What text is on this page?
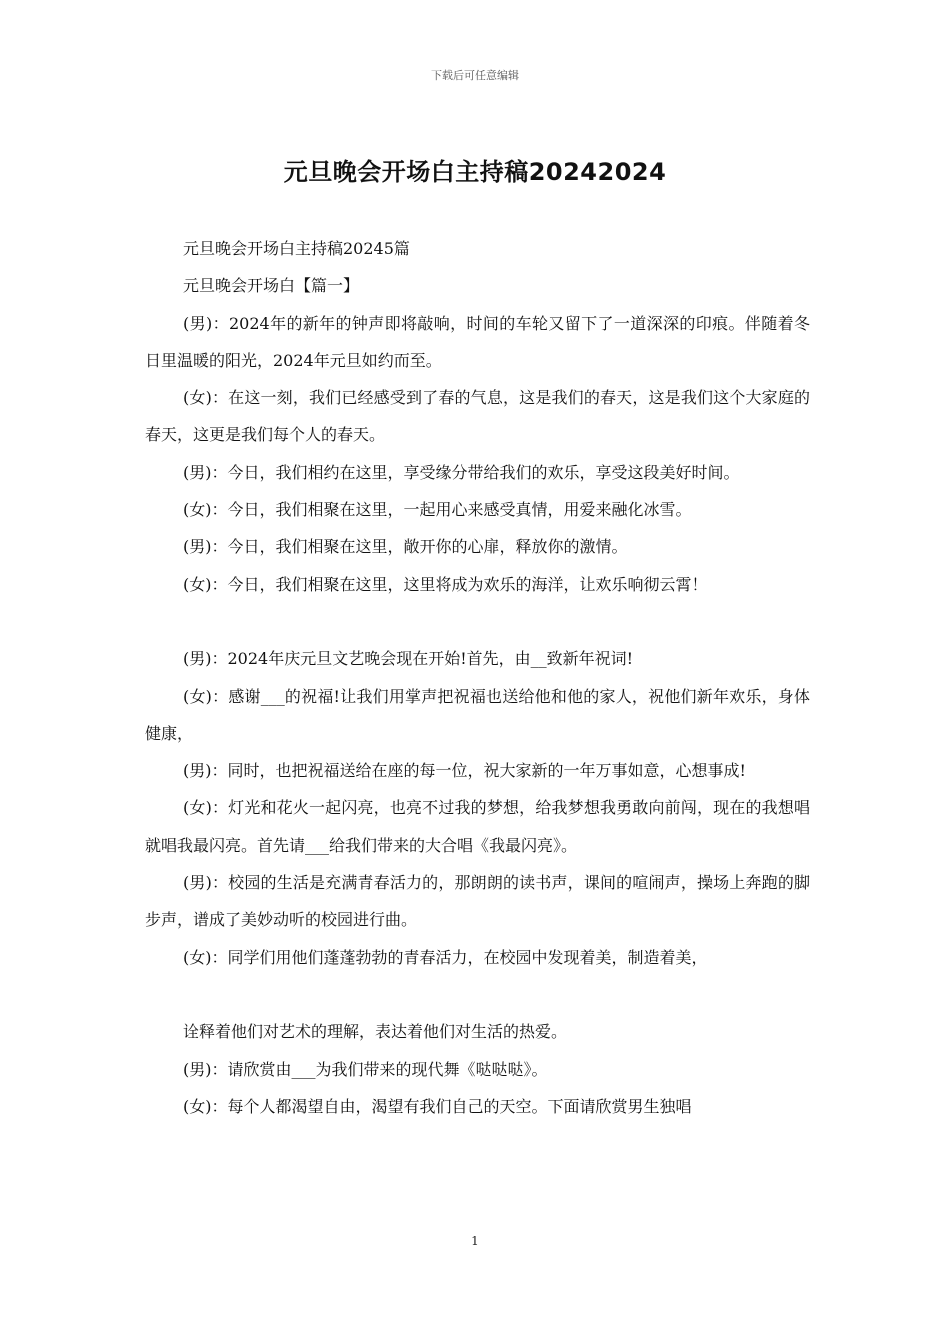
下载后可任意编辑
元旦晚会开场白主持稿20242024

元旦晚会开场白主持稿20245篇

元旦晚会开场白【篇一】

(男)：2024年的新年的钟声即将敲响，时间的车轮又留下了一道深深的印痕。伴随着冬日里温暖的阳光，2024年元旦如约而至。

(女)：在这一刻，我们已经感受到了春的气息，这是我们的春天，这是我们这个大家庭的春天，这更是我们每个人的春天。

(男)：今日，我们相约在这里，享受缘分带给我们的欢乐，享受这段美好时间。

(女)：今日，我们相聚在这里，一起用心来感受真情，用爱来融化冰雪。

(男)：今日，我们相聚在这里，敞开你的心扉，释放你的激情。

(女)：今日，我们相聚在这里，这里将成为欢乐的海洋，让欢乐响彻云霄！

(男)：2024年庆元旦文艺晚会现在开始!首先，由__致新年祝词!

(女)：感谢___的祝福!让我们用掌声把祝福也送给他和他的家人，祝他们新年欢乐，身体健康，

(男)：同时，也把祝福送给在座的每一位，祝大家新的一年万事如意，心想事成!

(女)：灯光和花火一起闪亮，也亮不过我的梦想，给我梦想我勇敢向前闯，现在的我想唱就唱我最闪亮。首先请___给我们带来的大合唱《我最闪亮》。

(男)：校园的生活是充满青春活力的，那朗朗的读书声，课间的喧闹声，操场上奔跑的脚步声，谱成了美妙动听的校园进行曲。

(女)：同学们用他们蓬蓬勃勃的青春活力，在校园中发现着美，制造着美，

诠释着他们对艺术的理解，表达着他们对生活的热爱。

(男)：请欣赏由___为我们带来的现代舞《哒哒哒》。

(女)：每个人都渴望自由，渴望有我们自己的天空。下面请欣赏男生独唱

1
